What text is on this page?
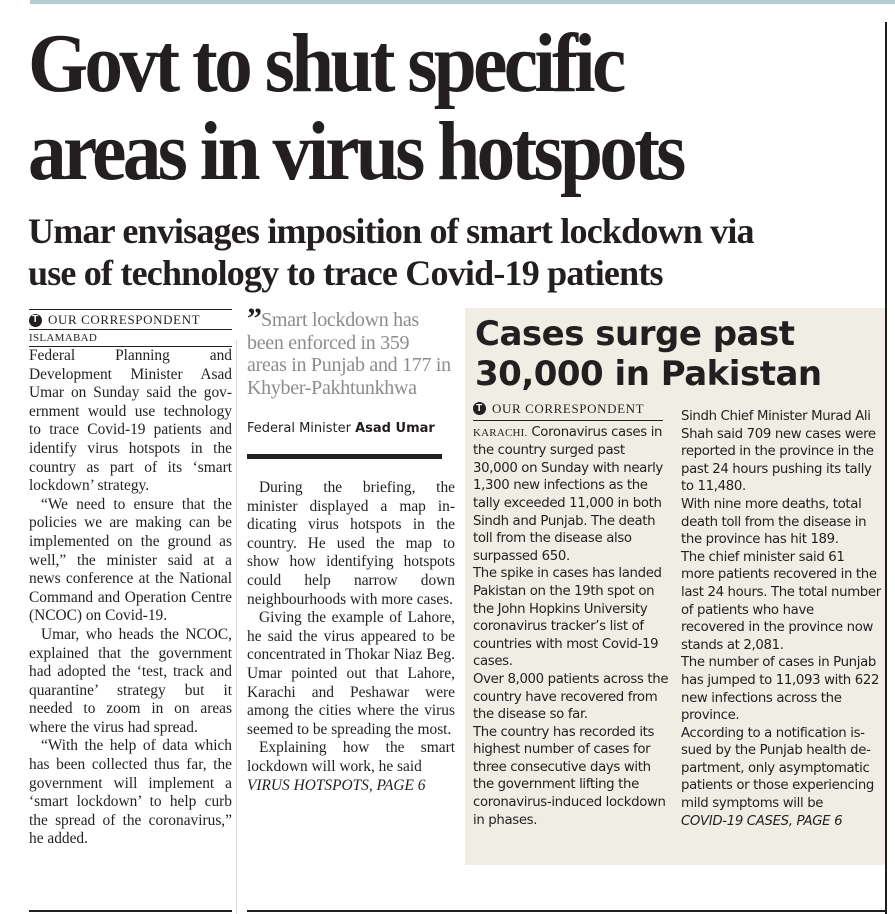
Govt to shut specific
areas in virus hotspots
Umar envisages imposition of smart lockdown via
use of technology to trace Covid-19 patients
T OUR CORRESPONDENT
ISLAMABAD

Federal Planning and Development Minister Asad Umar on Sunday said the government would use technology to trace Covid-19 patients and identify virus hotspots in the country as part of its ‘smart lockdown’ strategy.

“We need to ensure that the policies we are making can be implemented on the ground as well,” the minister said at a news conference at the National Command and Operation Centre (NCOC) on Covid-19.

Umar, who heads the NCOC, explained that the government had adopted the ‘test, track and quarantine’ strategy but it needed to zoom in on areas where the virus had spread.

“With the help of data which has been collected thus far, the government will implement a ‘smart lockdown’ to help curb the spread of the coronavirus,” he added.

” Smart lockdown has been enforced in 359 areas in Punjab and 177 in Khyber-Pakhtunkhwa
Federal Minister Asad Umar

During the briefing, the minister displayed a map indicating virus hotspots in the country. He used the map to show how identifying hotspots could help narrow down neighbourhoods with more cases.

Giving the example of Lahore, he said the virus appeared to be concentrated in Thokar Niaz Beg. Umar pointed out that Lahore, Karachi and Peshawar were among the cities where the virus seemed to be spreading the most.

Explaining how the smart lockdown will work, he said

VIRUS HOTSPOTS, PAGE 6

Cases surge past
30,000 in Pakistan
T OUR CORRESPONDENT

KARACHI. Coronavirus cases in the country surged past 30,000 on Sunday with nearly 1,300 new infections as the tally exceeded 11,000 in both Sindh and Punjab. The death toll from the disease also surpassed 650.

The spike in cases has landed Pakistan on the 19th spot on the John Hopkins University coronavirus tracker’s list of countries with most Covid-19 cases.

Over 8,000 patients across the country have recovered from the disease so far.

The country has recorded its highest number of cases for three consecutive days with the government lifting the coronavirus-induced lockdown in phases.

Sindh Chief Minister Murad Ali Shah said 709 new cases were reported in the province in the past 24 hours pushing its tally to 11,480.

With nine more deaths, total death toll from the disease in the province has hit 189.

The chief minister said 61 more patients recovered in the last 24 hours. The total number of patients who have recovered in the province now stands at 2,081.

The number of cases in Punjab has jumped to 11,093 with 622 new infections across the province.

According to a notification issued by the Punjab health department, only asymptomatic patients or those experiencing mild symptoms will be

COVID-19 CASES, PAGE 6
